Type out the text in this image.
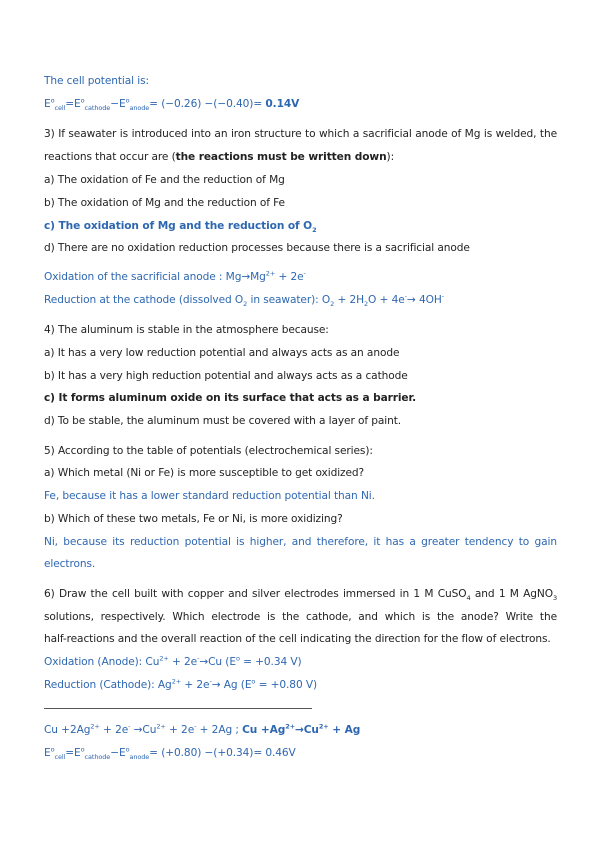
The cell potential is:
$E^o_{cell}=E^o_{cathode}-E^o_{anode}= (-0.26) -(-0.40)= 0.14V$
3) If seawater is introduced into an iron structure to which a sacrificial anode of Mg is welded, the
reactions that occur are (the reactions must be written down):
a) The oxidation of Fe and the reduction of Mg
b) The oxidation of Mg and the reduction of Fe
c) The oxidation of Mg and the reduction of $O_2$
d) There are no oxidation reduction processes because there is a sacrificial anode
Oxidation of the sacrificial anode : $Mg\to Mg^{2+} + 2e^-$
Reduction at the cathode (dissolved $O_2$ in seawater): $O_2 + 2H_2O + 4e^-\to 4OH^-$
4) The aluminum is stable in the atmosphere because:
a) It has a very low reduction potential and always acts as an anode
b) It has a very high reduction potential and always acts as a cathode
c) It forms aluminum oxide on its surface that acts as a barrier.
d) To be stable, the aluminum must be covered with a layer of paint.
5) According to the table of potentials (electrochemical series):
a) Which metal (Ni or Fe) is more susceptible to get oxidized?
Fe, because it has a lower standard reduction potential than Ni.
b) Which of these two metals, Fe or Ni, is more oxidizing?
Ni, because its reduction potential is higher, and therefore, it has a greater tendency to gain
electrons.
6) Draw the cell built with copper and silver electrodes immersed in 1 M CuSO$_4$ and 1 M AgNO$_3$
solutions, respectively. Which electrode is the cathode, and which is the anode? Write the
half-reactions and the overall reaction of the cell indicating the direction for the flow of electrons.
Oxidation (Anode): $Cu^{2+} + 2e^-\to Cu$ ($E^o = +0.34$ V)
Reduction (Cathode): $Ag^{2+} + 2e^-\to Ag$ ($E^o = +0.80$ V)
$Cu +2Ag^{2+} + 2e^- \to Cu^{2+} + 2e^- + 2Ag$ ; $Cu +Ag^{2+}\to Cu^{2+} + Ag$
$E^o_{cell}=E^o_{cathode}-E^o_{anode}= (+0.80) -(+0.34)= 0.46V$
